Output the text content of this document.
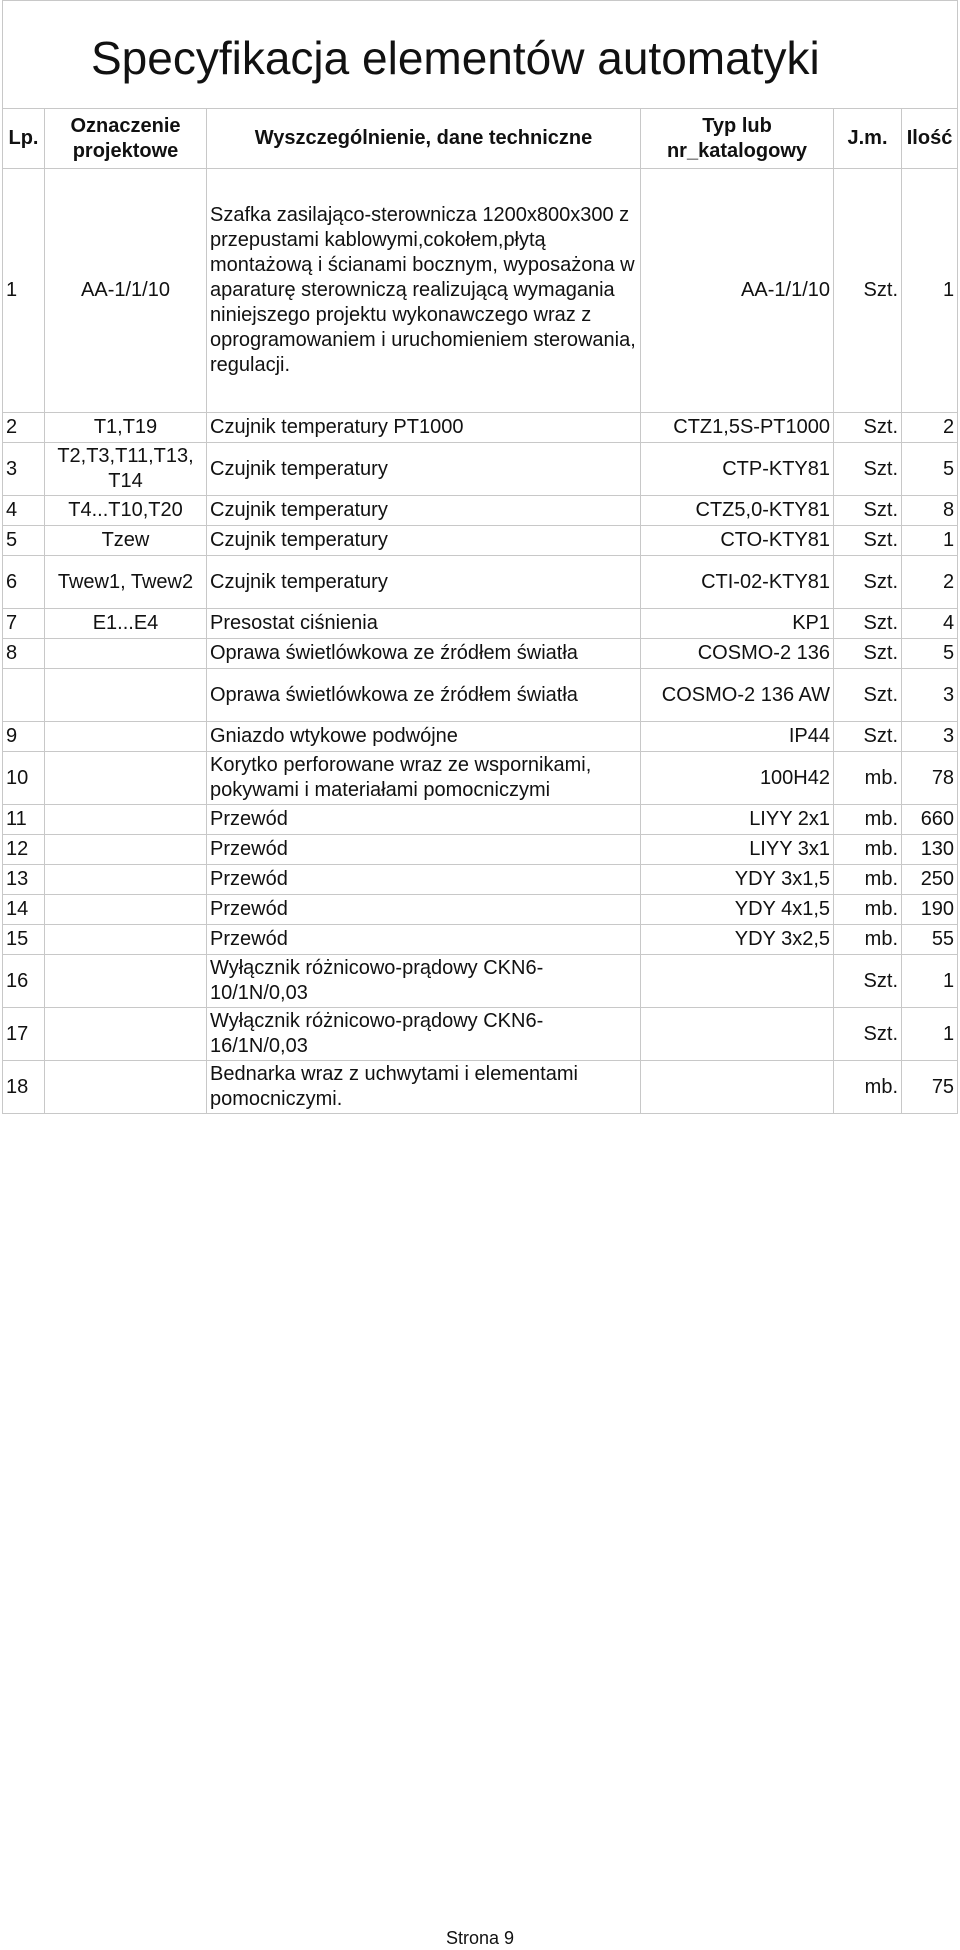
Lp.	Oznaczenie projektowe	Wyszczególnienie, dane techniczne	Typ lub nr_katalogowy	J.m.	Ilość
1	AA-1/1/10	Szafka zasilająco-sterownicza 1200x800x300 z przepustami kablowymi,cokołem,płytą montażową i ścianami bocznym, wyposażona w aparaturę sterowniczą realizującą wymagania niniejszego projektu wykonawczego wraz z oprogramowaniem i uruchomieniem sterowania, regulacji.	AA-1/1/10	Szt.	1
2	T1,T19	Czujnik temperatury PT1000	CTZ1,5S-PT1000	Szt.	2
3	T2,T3,T11,T13, T14	Czujnik temperatury	CTP-KTY81	Szt.	5
4	T4...T10,T20	Czujnik temperatury	CTZ5,0-KTY81	Szt.	8
5	Tzew	Czujnik temperatury	CTO-KTY81	Szt.	1
6	Twew1, Twew2	Czujnik temperatury	CTI-02-KTY81	Szt.	2
7	E1...E4	Presostat ciśnienia	KP1	Szt.	4
8		Oprawa świetlówkowa ze źródłem światła	COSMO-2 136	Szt.	5
		Oprawa świetlówkowa ze źródłem światła	COSMO-2 136 AW	Szt.	3
9		Gniazdo wtykowe podwójne	IP44	Szt.	3
10		Korytko perforowane wraz ze wspornikami, pokywami i materiałami pomocniczymi	100H42	mb.	78
11		Przewód	LIYY 2x1	mb.	660
12		Przewód	LIYY 3x1	mb.	130
13		Przewód	YDY 3x1,5	mb.	250
14		Przewód	YDY 4x1,5	mb.	190
15		Przewód	YDY 3x2,5	mb.	55
16		Wyłącznik różnicowo-prądowy CKN6-10/1N/0,03		Szt.	1
17		Wyłącznik różnicowo-prądowy CKN6-16/1N/0,03		Szt.	1
18		Bednarka wraz z uchwytami i elementami pomocniczymi.		mb.	75
Specyfikacja elementów automatyki
Strona 9
